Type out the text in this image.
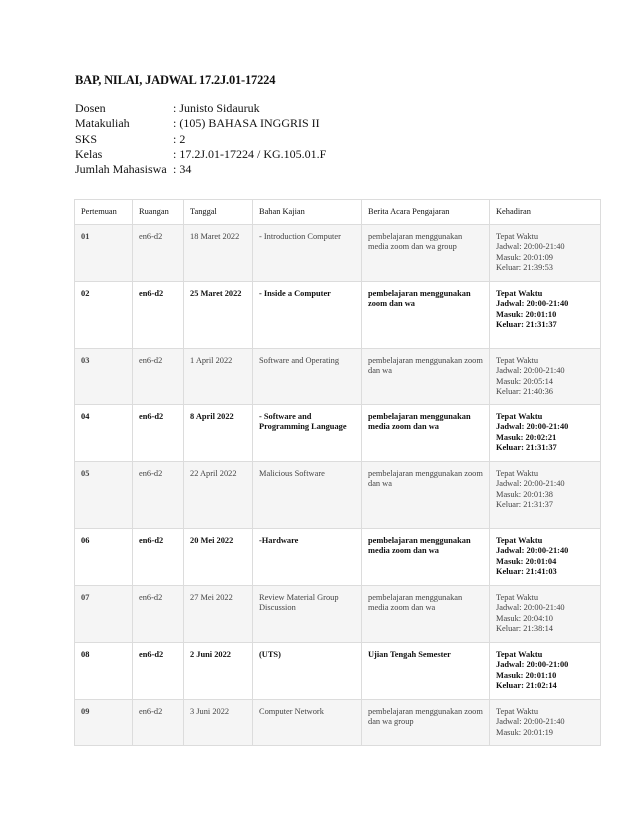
BAP, NILAI, JADWAL 17.2J.01-17224
Dosen	: Junisto Sidauruk
Matakuliah	: (105) BAHASA INGGRIS II
SKS	: 2
Kelas	: 17.2J.01-17224 / KG.105.01.F
Jumlah Mahasiswa : 34
Pertemuan	Ruangan	Tanggal	Bahan Kajian	Berita Acara Pengajaran	Kehadiran
01	en6-d2	18 Maret 2022	- Introduction Computer	pembelajaran menggunakan media zoom dan wa group	Tepat Waktu
Jadwal: 20:00-21:40
Masuk: 20:01:09
Keluar: 21:39:53

02	en6-d2	25 Maret 2022	- Inside a Computer	pembelajaran menggunakan zoom dan wa	Tepat Waktu
Jadwal: 20:00-21:40
Masuk: 20:01:10
Keluar: 21:31:37

03	en6-d2	1 April 2022	Software and Operating	pembelajaran menggunakan zoom dan wa	Tepat Waktu
Jadwal: 20:00-21:40
Masuk: 20:05:14
Keluar: 21:40:36

04	en6-d2	8 April 2022	- Software and Programming Language	pembelajaran menggunakan media zoom dan wa	Tepat Waktu
Jadwal: 20:00-21:40
Masuk: 20:02:21
Keluar: 21:31:37

05	en6-d2	22 April 2022	Malicious Software	pembelajaran menggunakan zoom dan wa	Tepat Waktu
Jadwal: 20:00-21:40
Masuk: 20:01:38
Keluar: 21:31:37

06	en6-d2	20 Mei 2022	-Hardware	pembelajaran menggunakan media zoom dan wa	Tepat Waktu
Jadwal: 20:00-21:40
Masuk: 20:01:04
Keluar: 21:41:03

07	en6-d2	27 Mei 2022	Review Material Group Discussion	pembelajaran menggunakan media zoom dan wa	Tepat Waktu
Jadwal: 20:00-21:40
Masuk: 20:04:10
Keluar: 21:38:14

08	en6-d2	2 Juni 2022	(UTS)	Ujian Tengah Semester	Tepat Waktu
Jadwal: 20:00-21:00
Masuk: 20:01:10
Keluar: 21:02:14

09	en6-d2	3 Juni 2022	Computer Network	pembelajaran menggunakan zoom dan wa group	Tepat Waktu
Jadwal: 20:00-21:40
Masuk: 20:01:19
